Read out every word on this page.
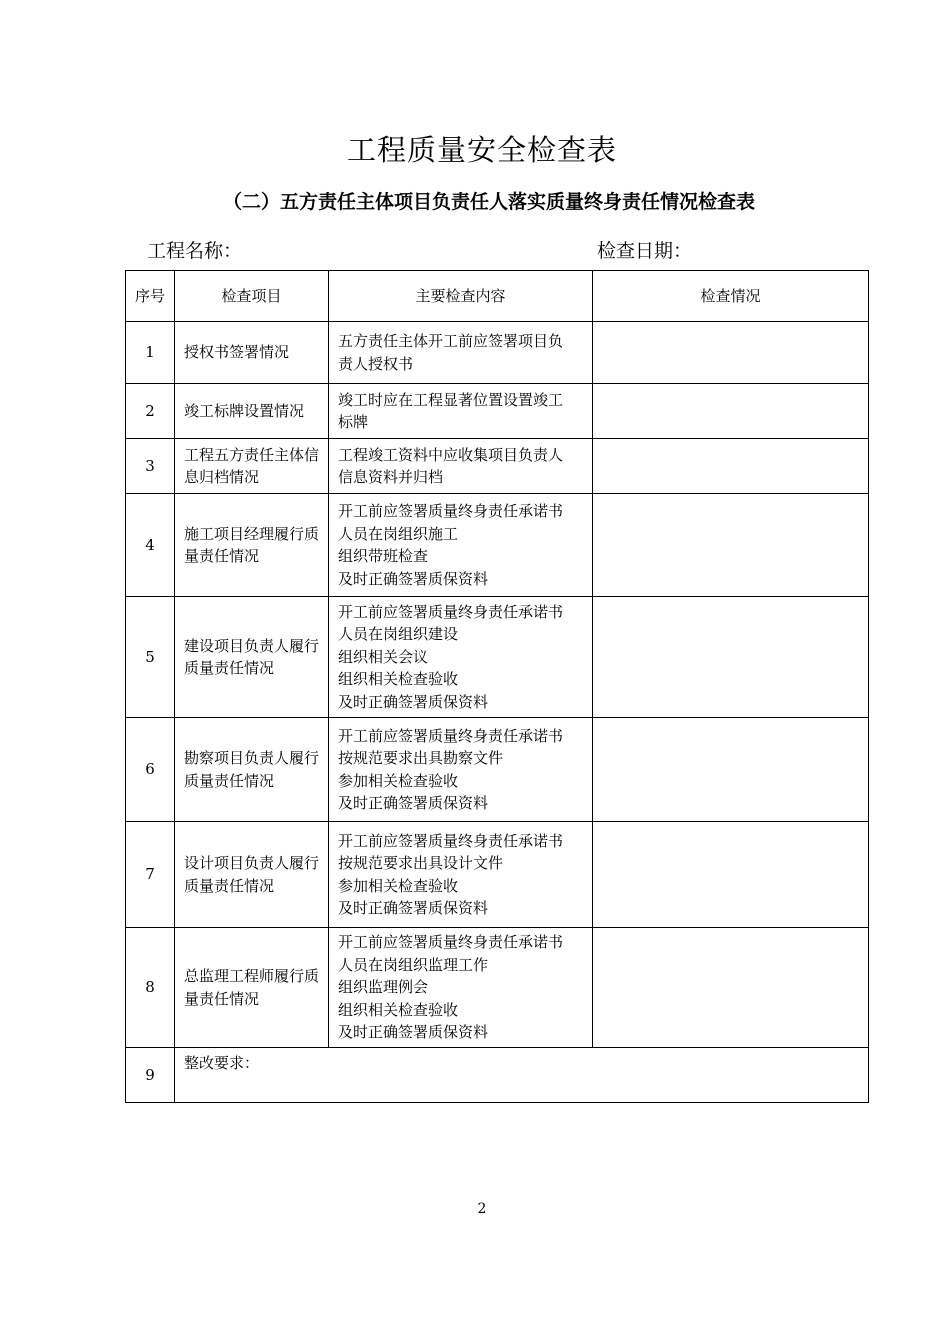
工程质量安全检查表
（二）五方责任主体项目负责任人落实质量终身责任情况检查表
工程名称：	检查日期：
序号	检查项目	主要检查内容	检查情况
1	授权书签署情况	五方责任主体开工前应签署项目负
责人授权书	

2	竣工标牌设置情况	竣工时应在工程显著位置设置竣工
标牌	

3	工程五方责任主体信息归档情况	工程竣工资料中应收集项目负责人
信息资料并归档	

4	施工项目经理履行质量责任情况	开工前应签署质量终身责任承诺书
人员在岗组织施工
组织带班检查
及时正确签署质保资料	

5	建设项目负责人履行质量责任情况	开工前应签署质量终身责任承诺书
人员在岗组织建设
组织相关会议
组织相关检查验收
及时正确签署质保资料	

6	勘察项目负责人履行质量责任情况	开工前应签署质量终身责任承诺书
按规范要求出具勘察文件
参加相关检查验收
及时正确签署质保资料	

7	设计项目负责人履行质量责任情况	开工前应签署质量终身责任承诺书
按规范要求出具设计文件
参加相关检查验收
及时正确签署质保资料	

8	总监理工程师履行质量责任情况	开工前应签署质量终身责任承诺书
人员在岗组织监理工作
组织监理例会
组织相关检查验收
及时正确签署质保资料	

9	整改要求：		
2
